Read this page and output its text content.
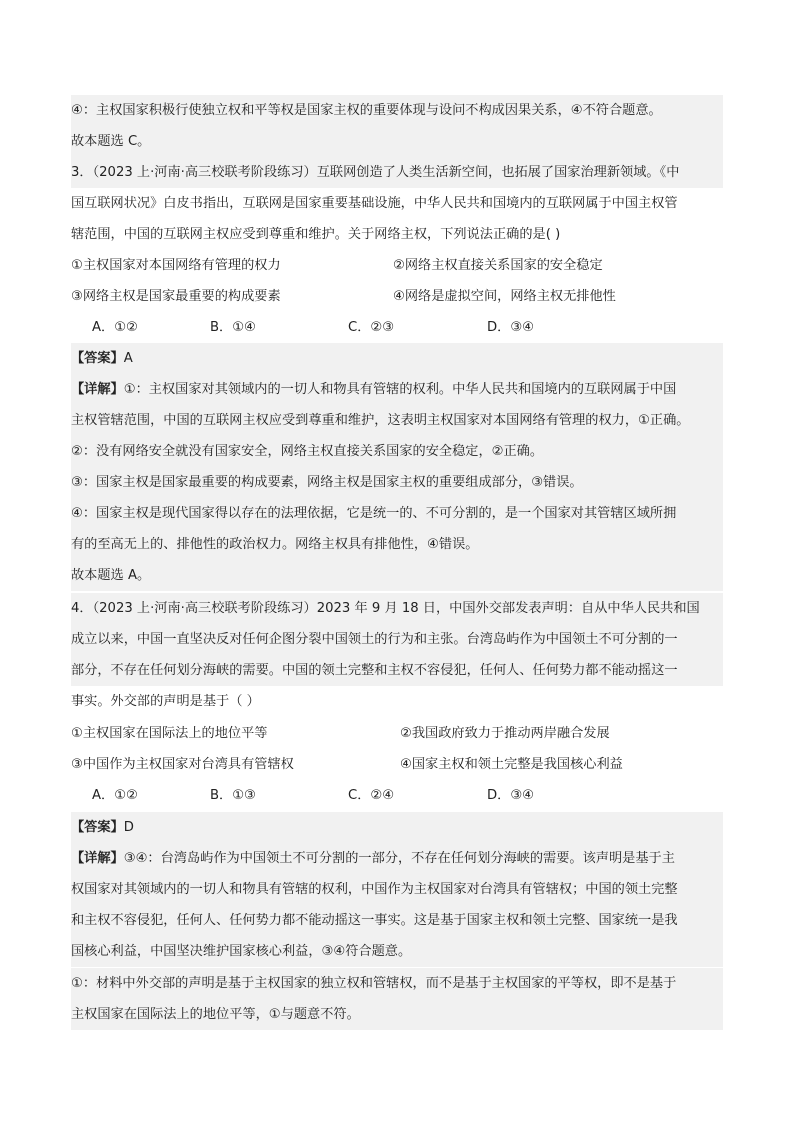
④：主权国家积极行使独立权和平等权是国家主权的重要体现与设问不构成因果关系，④不符合题意。
故本题选 C。
3．（2023 上·河南·高三校联考阶段练习）互联网创造了人类生活新空间，也拓展了国家治理新领域。《中
国互联网状况》白皮书指出，互联网是国家重要基础设施，中华人民共和国境内的互联网属于中国主权管
辖范围，中国的互联网主权应受到尊重和维护。关于网络主权，下列说法正确的是( )
①主权国家对本国网络有管理的权力	②网络主权直接关系国家的安全稳定
③网络主权是国家最重要的构成要素	④网络是虚拟空间，网络主权无排他性
A．①②	B．①④	C．②③	D．③④
【答案】A
【详解】①：主权国家对其领域内的一切人和物具有管辖的权利。中华人民共和国境内的互联网属于中国
主权管辖范围，中国的互联网主权应受到尊重和维护，这表明主权国家对本国网络有管理的权力，①正确。
②：没有网络安全就没有国家安全，网络主权直接关系国家的安全稳定，②正确。
③：国家主权是国家最重要的构成要素，网络主权是国家主权的重要组成部分，③错误。
④：国家主权是现代国家得以存在的法理依据，它是统一的、不可分割的，是一个国家对其管辖区域所拥
有的至高无上的、排他性的政治权力。网络主权具有排他性，④错误。
故本题选 A。
4．（2023 上·河南·高三校联考阶段练习）2023 年 9 月 18 日，中国外交部发表声明：自从中华人民共和国
成立以来，中国一直坚决反对任何企图分裂中国领土的行为和主张。台湾岛屿作为中国领土不可分割的一
部分，不存在任何划分海峡的需要。中国的领土完整和主权不容侵犯，任何人、任何势力都不能动摇这一
事实。外交部的声明是基于（ ）
①主权国家在国际法上的地位平等	②我国政府致力于推动两岸融合发展
③中国作为主权国家对台湾具有管辖权	④国家主权和领土完整是我国核心利益
A．①②	B．①③	C．②④	D．③④
【答案】D
【详解】③④：台湾岛屿作为中国领土不可分割的一部分，不存在任何划分海峡的需要。该声明是基于主
权国家对其领域内的一切人和物具有管辖的权利，中国作为主权国家对台湾具有管辖权；中国的领土完整
和主权不容侵犯，任何人、任何势力都不能动摇这一事实。这是基于国家主权和领土完整、国家统一是我
国核心利益，中国坚决维护国家核心利益，③④符合题意。
①：材料中外交部的声明是基于主权国家的独立权和管辖权，而不是基于主权国家的平等权，即不是基于
主权国家在国际法上的地位平等，①与题意不符。
